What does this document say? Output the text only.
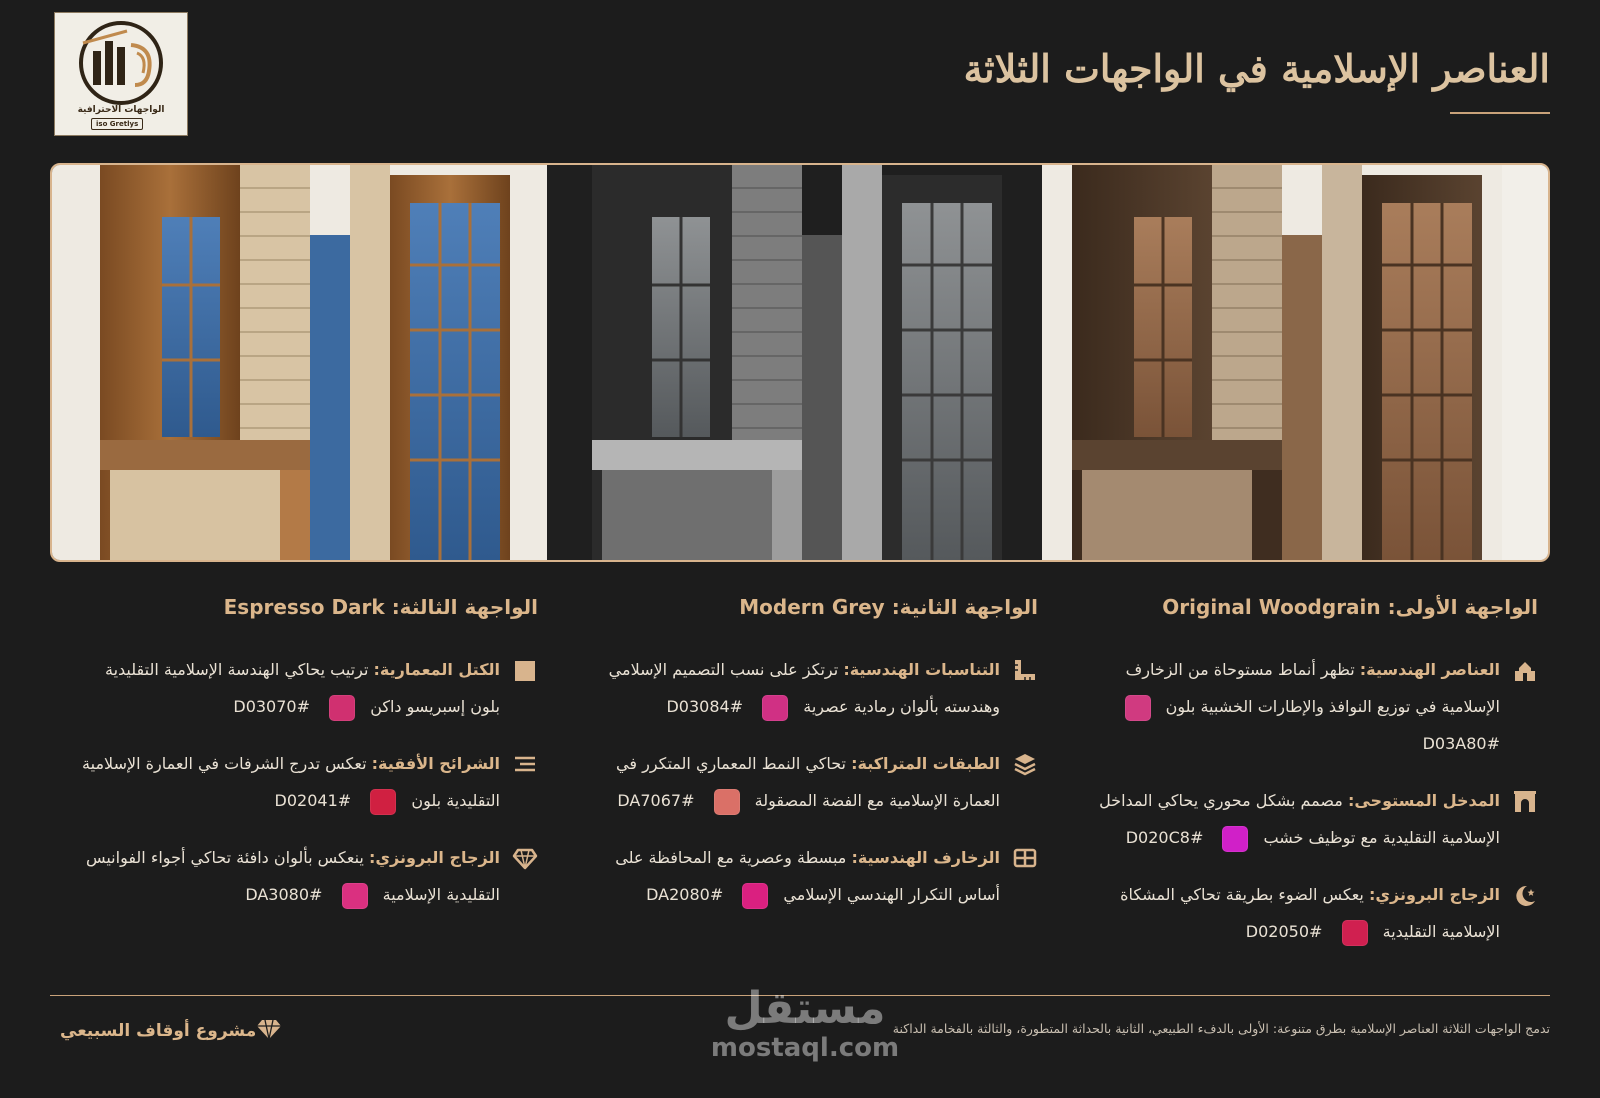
الواجهات الاحترافية
iso Gretlys
العناصر الإسلامية في الواجهات الثلاثة
الواجهة الأولى: Original Woodgrain
العناصر الهندسية: تظهر أنماط مستوحاة من الزخارف الإسلامية في توزيع النوافذ والإطارات الخشبية بلون  #D03A80
المدخل المستوحى: مصمم بشكل محوري يحاكي المداخل الإسلامية التقليدية مع توظيف خشب  #D020C8
الزجاج البرونزي: يعكس الضوء بطريقة تحاكي المشكاة الإسلامية التقليدية  #D02050
الواجهة الثانية: Modern Grey
التناسبات الهندسية: ترتكز على نسب التصميم الإسلامي وهندسته بألوان رمادية عصرية  #D03084
الطبقات المتراكبة: تحاكي النمط المعماري المتكرر في العمارة الإسلامية مع الفضة المصقولة  #DA7067
الزخارف الهندسية: مبسطة وعصرية مع المحافظة على أساس التكرار الهندسي الإسلامي  #DA2080
الواجهة الثالثة: Espresso Dark
الكتل المعمارية: ترتيب يحاكي الهندسة الإسلامية التقليدية بلون إسبريسو داكن  #D03070
الشرائح الأفقية: تعكس تدرج الشرفات في العمارة الإسلامية التقليدية بلون  #D02041
الزجاج البرونزي: ينعكس بألوان دافئة تحاكي أجواء الفوانيس التقليدية الإسلامية  #DA3080
تدمج الواجهات الثلاثة العناصر الإسلامية بطرق متنوعة: الأولى بالدفء الطبيعي، الثانية بالحداثة المتطورة، والثالثة بالفخامة الداكنة
مشروع أوقاف السبيعي	مستقل
mostaql.com
